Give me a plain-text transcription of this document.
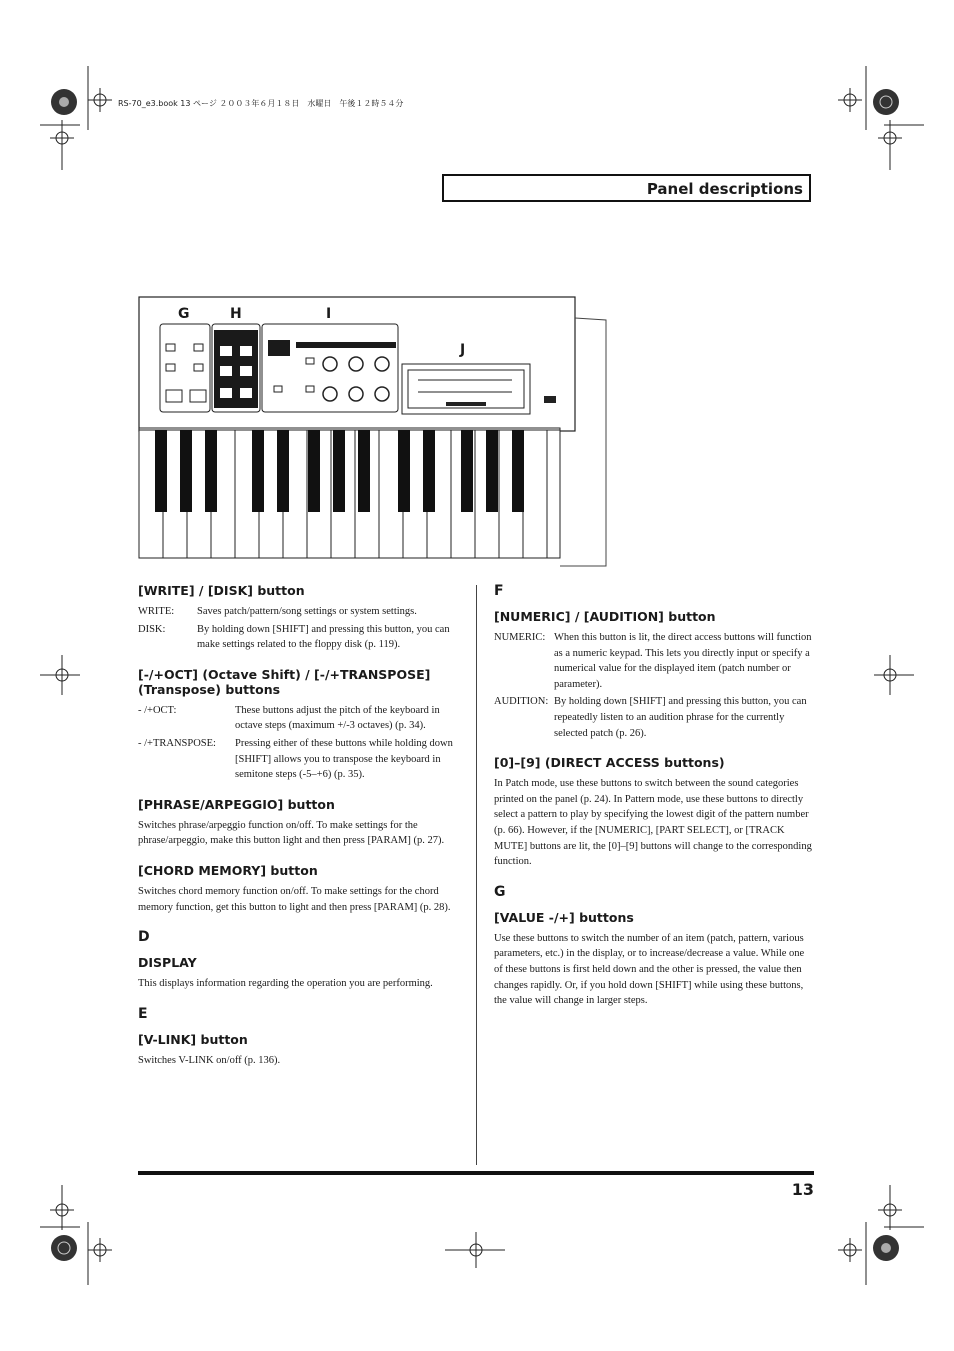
RS-70_e3.book 13 ページ ２００３年６月１８日　水曜日　午後１２時５４分
Panel descriptions
G	H	I
J
[WRITE] / [DISK] button
WRITE:	Saves patch/pattern/song settings or system settings.
DISK:	By holding down [SHIFT] and pressing this button, you can make settings related to the floppy disk (p. 119).
[-/+OCT] (Octave Shift) / [-/+TRANSPOSE] (Transpose) buttons
- /+OCT:	These buttons adjust the pitch of the keyboard in octave steps (maximum +/-3 octaves) (p. 34).
- /+TRANSPOSE:	Pressing either of these buttons while holding down [SHIFT] allows you to transpose the keyboard in semitone steps (-5–+6) (p. 35).
[PHRASE/ARPEGGIO] button

Switches phrase/arpeggio function on/off. To make settings for the phrase/arpeggio, make this button light and then press [PARAM] (p. 27).

[CHORD MEMORY] button

Switches chord memory function on/off. To make settings for the chord memory function, get this button to light and then press [PARAM] (p. 28).

D
DISPLAY

This displays information regarding the operation you are performing.

E
[V-LINK] button

Switches V-LINK on/off (p. 136).

F
[NUMERIC] / [AUDITION] button
NUMERIC: When this button is lit, the direct access buttons will function as a numeric keypad. This lets you directly input or specify a numerical value for the displayed item (patch number or parameter).
AUDITION: By holding down [SHIFT] and pressing this button, you can repeatedly listen to an audition phrase for the currently selected patch (p. 26).
[0]–[9] (DIRECT ACCESS buttons)

In Patch mode, use these buttons to switch between the sound categories printed on the panel (p. 24). In Pattern mode, use these buttons to directly select a pattern to play by specifying the lowest digit of the pattern number (p. 66). However, if the [NUMERIC], [PART SELECT], or [TRACK MUTE] buttons are lit, the [0]–[9] buttons will change to the corresponding function.

G
[VALUE -/+] buttons

Use these buttons to switch the number of an item (patch, pattern, various parameters, etc.) in the display, or to increase/decrease a value. While one of these buttons is first held down and the other is pressed, the value then changes rapidly. Or, if you hold down [SHIFT] while using these buttons, the value will change in larger steps.

13
